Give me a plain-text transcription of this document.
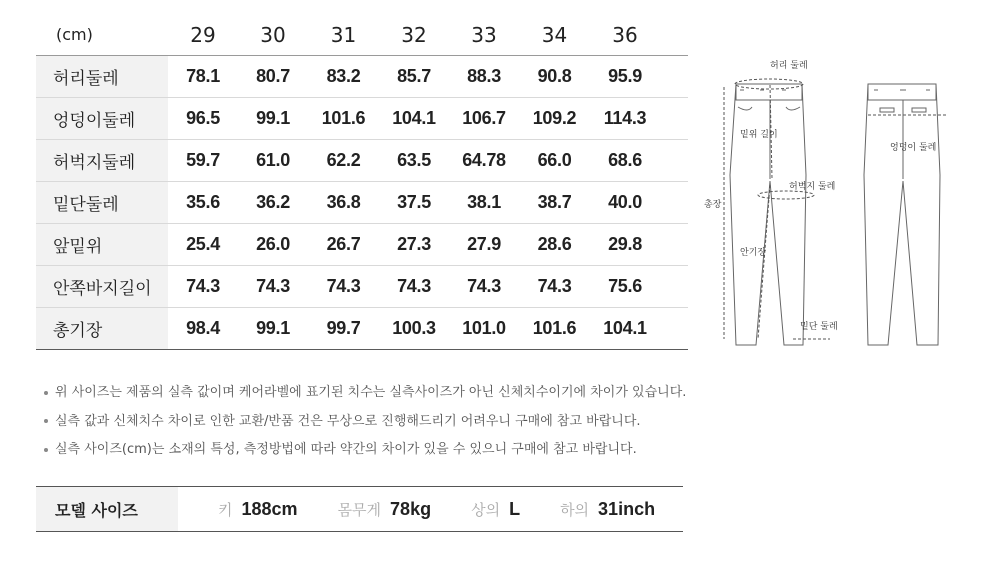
(cm)	29	30	31	32	33	34	36	
허리둘레	78.1	80.7	83.2	85.7	88.3	90.8	95.9	
엉덩이둘레	96.5	99.1	101.6	104.1	106.7	109.2	114.3	
허벅지둘레	59.7	61.0	62.2	63.5	64.78	66.0	68.6	
밑단둘레	35.6	36.2	36.8	37.5	38.1	38.7	40.0	
앞밑위	25.4	26.0	26.7	27.3	27.9	28.6	29.8	
안쪽바지길이	74.3	74.3	74.3	74.3	74.3	74.3	75.6	
총기장	98.4	99.1	99.7	100.3	101.0	101.6	104.1	
허리 둘레
밑위 길이
총장
허벅지 둘레
안기장
밑단 둘레
엉덩이 둘레
위 사이즈는 제품의 실측 값이며 케어라벨에 표기된 치수는 실측사이즈가 아닌 신체치수이기에 차이가 있습니다.
실측 값과 신체치수 차이로 인한 교환/반품 건은 무상으로 진행해드리기 어려우니 구매에 참고 바랍니다.
실측 사이즈(cm)는 소재의 특성, 측정방법에 따라 약간의 차이가 있을 수 있으니 구매에 참고 바랍니다.
모델 사이즈	키 188cm	몸무게 78kg	상의 L	하의 31inch
